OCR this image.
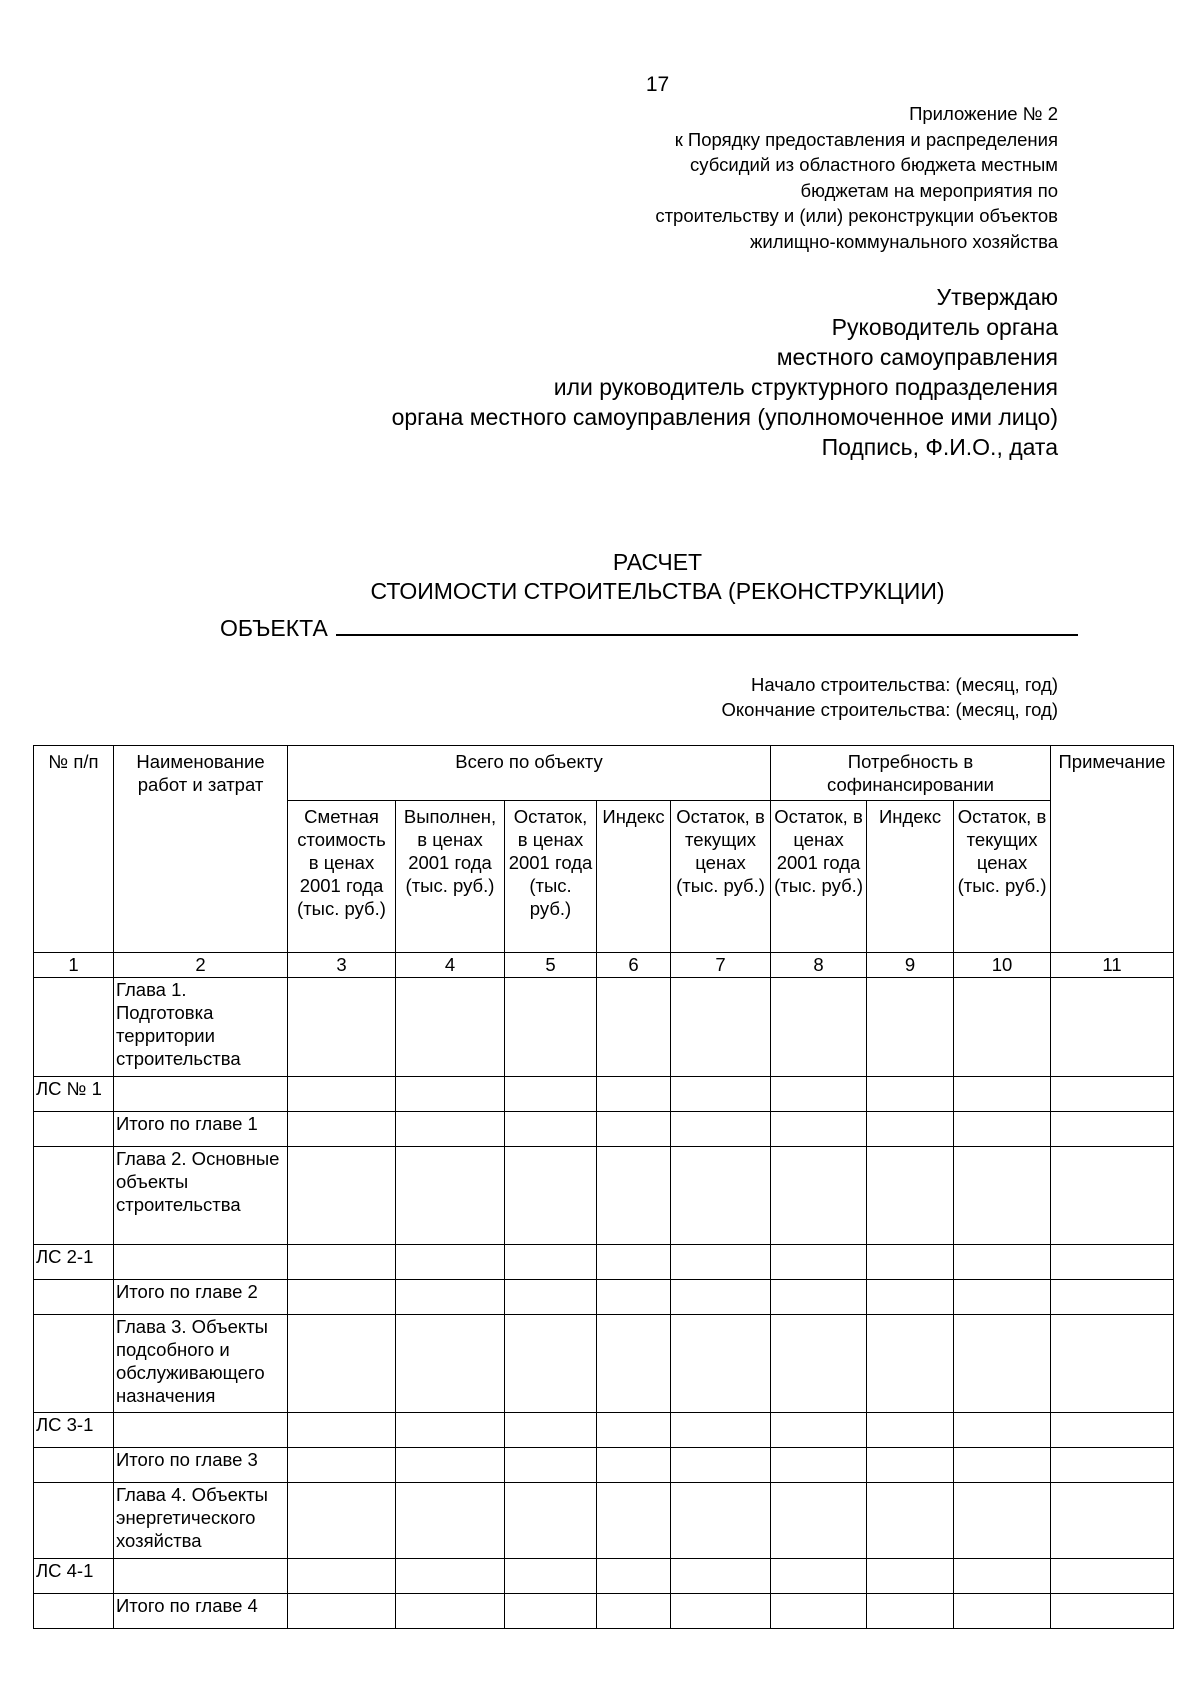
17
Приложение № 2
к Порядку предоставления и распределения
субсидий из областного бюджета местным
бюджетам на мероприятия по
строительству и (или) реконструкции объектов
жилищно-коммунального хозяйства
Утверждаю
Руководитель органа
местного самоуправления
или руководитель структурного подразделения
органа местного самоуправления (уполномоченное ими лицо)
Подпись, Ф.И.О., дата
РАСЧЕТ
СТОИМОСТИ СТРОИТЕЛЬСТВА (РЕКОНСТРУКЦИИ)
ОБЪЕКТА
Начало строительства: (месяц, год)
Окончание строительства: (месяц, год)
№ п/п	Наименование работ и затрат	Всего по объекту					Потребность в софинансировании			Примечание
		Сметная стоимость в ценах 2001 года (тыс. руб.)	Выполнен, в ценах 2001 года (тыс. руб.)	Остаток, в ценах 2001 года (тыс. руб.)	Индекс	Остаток, в текущих ценах (тыс. руб.)	Остаток, в ценах 2001 года (тыс. руб.)	Индекс	Остаток, в текущих ценах (тыс. руб.)	
1	2	3	4	5	6	7	8	9	10	11
	Глава 1. Подготовка территории строительства									
ЛС № 1										
	Итого по главе 1									
	Глава 2. Основные объекты строительства									
ЛС 2-1										
	Итого по главе 2									
	Глава 3. Объекты подсобного и обслуживающего назначения									
ЛС 3-1										
	Итого по главе 3									
	Глава 4. Объекты энергетического хозяйства									
ЛС 4-1										
	Итого по главе 4									
